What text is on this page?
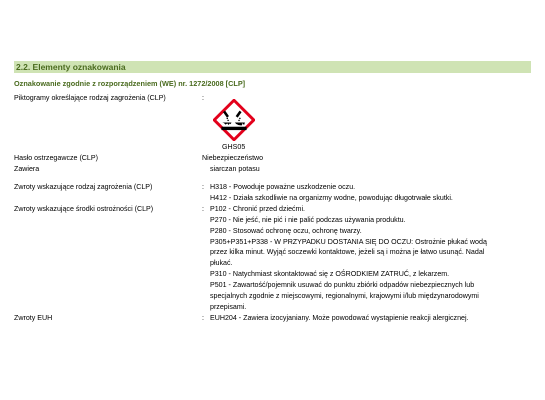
2.2. Elementy oznakowania
Oznakowanie zgodnie z rozporządzeniem (WE) nr. 1272/2008 [CLP]
Piktogramy określające rodzaj zagrożenia (CLP)	:
GHS05
Hasło ostrzegawcze (CLP)	Niebezpieczeństwo
Zawiera	siarczan potasu
Zwroty wskazujące rodzaj zagrożenia (CLP)	: H318 - Powoduje poważne uszkodzenie oczu.
H412 - Działa szkodliwie na organizmy wodne, powodując długotrwałe skutki.
Zwroty wskazujące środki ostrożności (CLP)	: P102 - Chronić przed dziećmi.
P270 - Nie jeść, nie pić i nie palić podczas używania produktu.
P280 - Stosować ochronę oczu, ochronę twarzy.
P305+P351+P338 - W PRZYPADKU DOSTANIA SIĘ DO OCZU: Ostrożnie płukać wodą
przez kilka minut. Wyjąć soczewki kontaktowe, jeżeli są i można je łatwo usunąć. Nadal
płukać.
P310 - Natychmiast skontaktować się z OŚRODKIEM ZATRUĆ, z lekarzem.
P501 - Zawartość/pojemnik usuwać do punktu zbiórki odpadów niebezpiecznych lub
specjalnych zgodnie z miejscowymi, regionalnymi, krajowymi i/lub międzynarodowymi
przepisami.
Zwroty EUH	: EUH204 - Zawiera izocyjaniany. Może powodować wystąpienie reakcji alergicznej.
